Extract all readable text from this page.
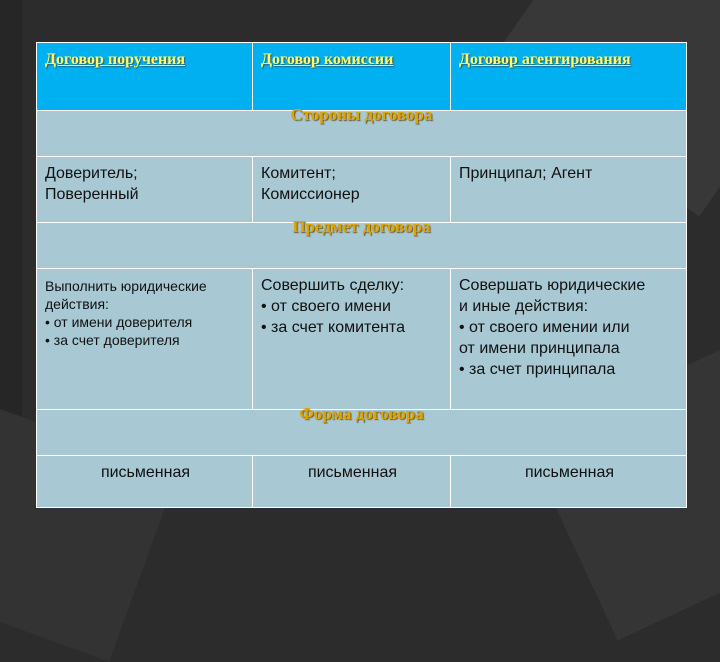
Договор поручения	Договор комиссии	Договор агентирования

Стороны договора		

Доверитель;
Поверенный	Комитент;
Комиссионер	Принципал; Агент

Предмет договора		

Выполнить юридические
действия:
• от имени доверителя
• за счет доверителя	Совершить сделку:
• от своего имени
• за счет комитента	Совершать юридические
и иные действия:
• от своего имении или
от имени принципала
• за счет принципала

Форма договора		

письменная	письменная	письменная
